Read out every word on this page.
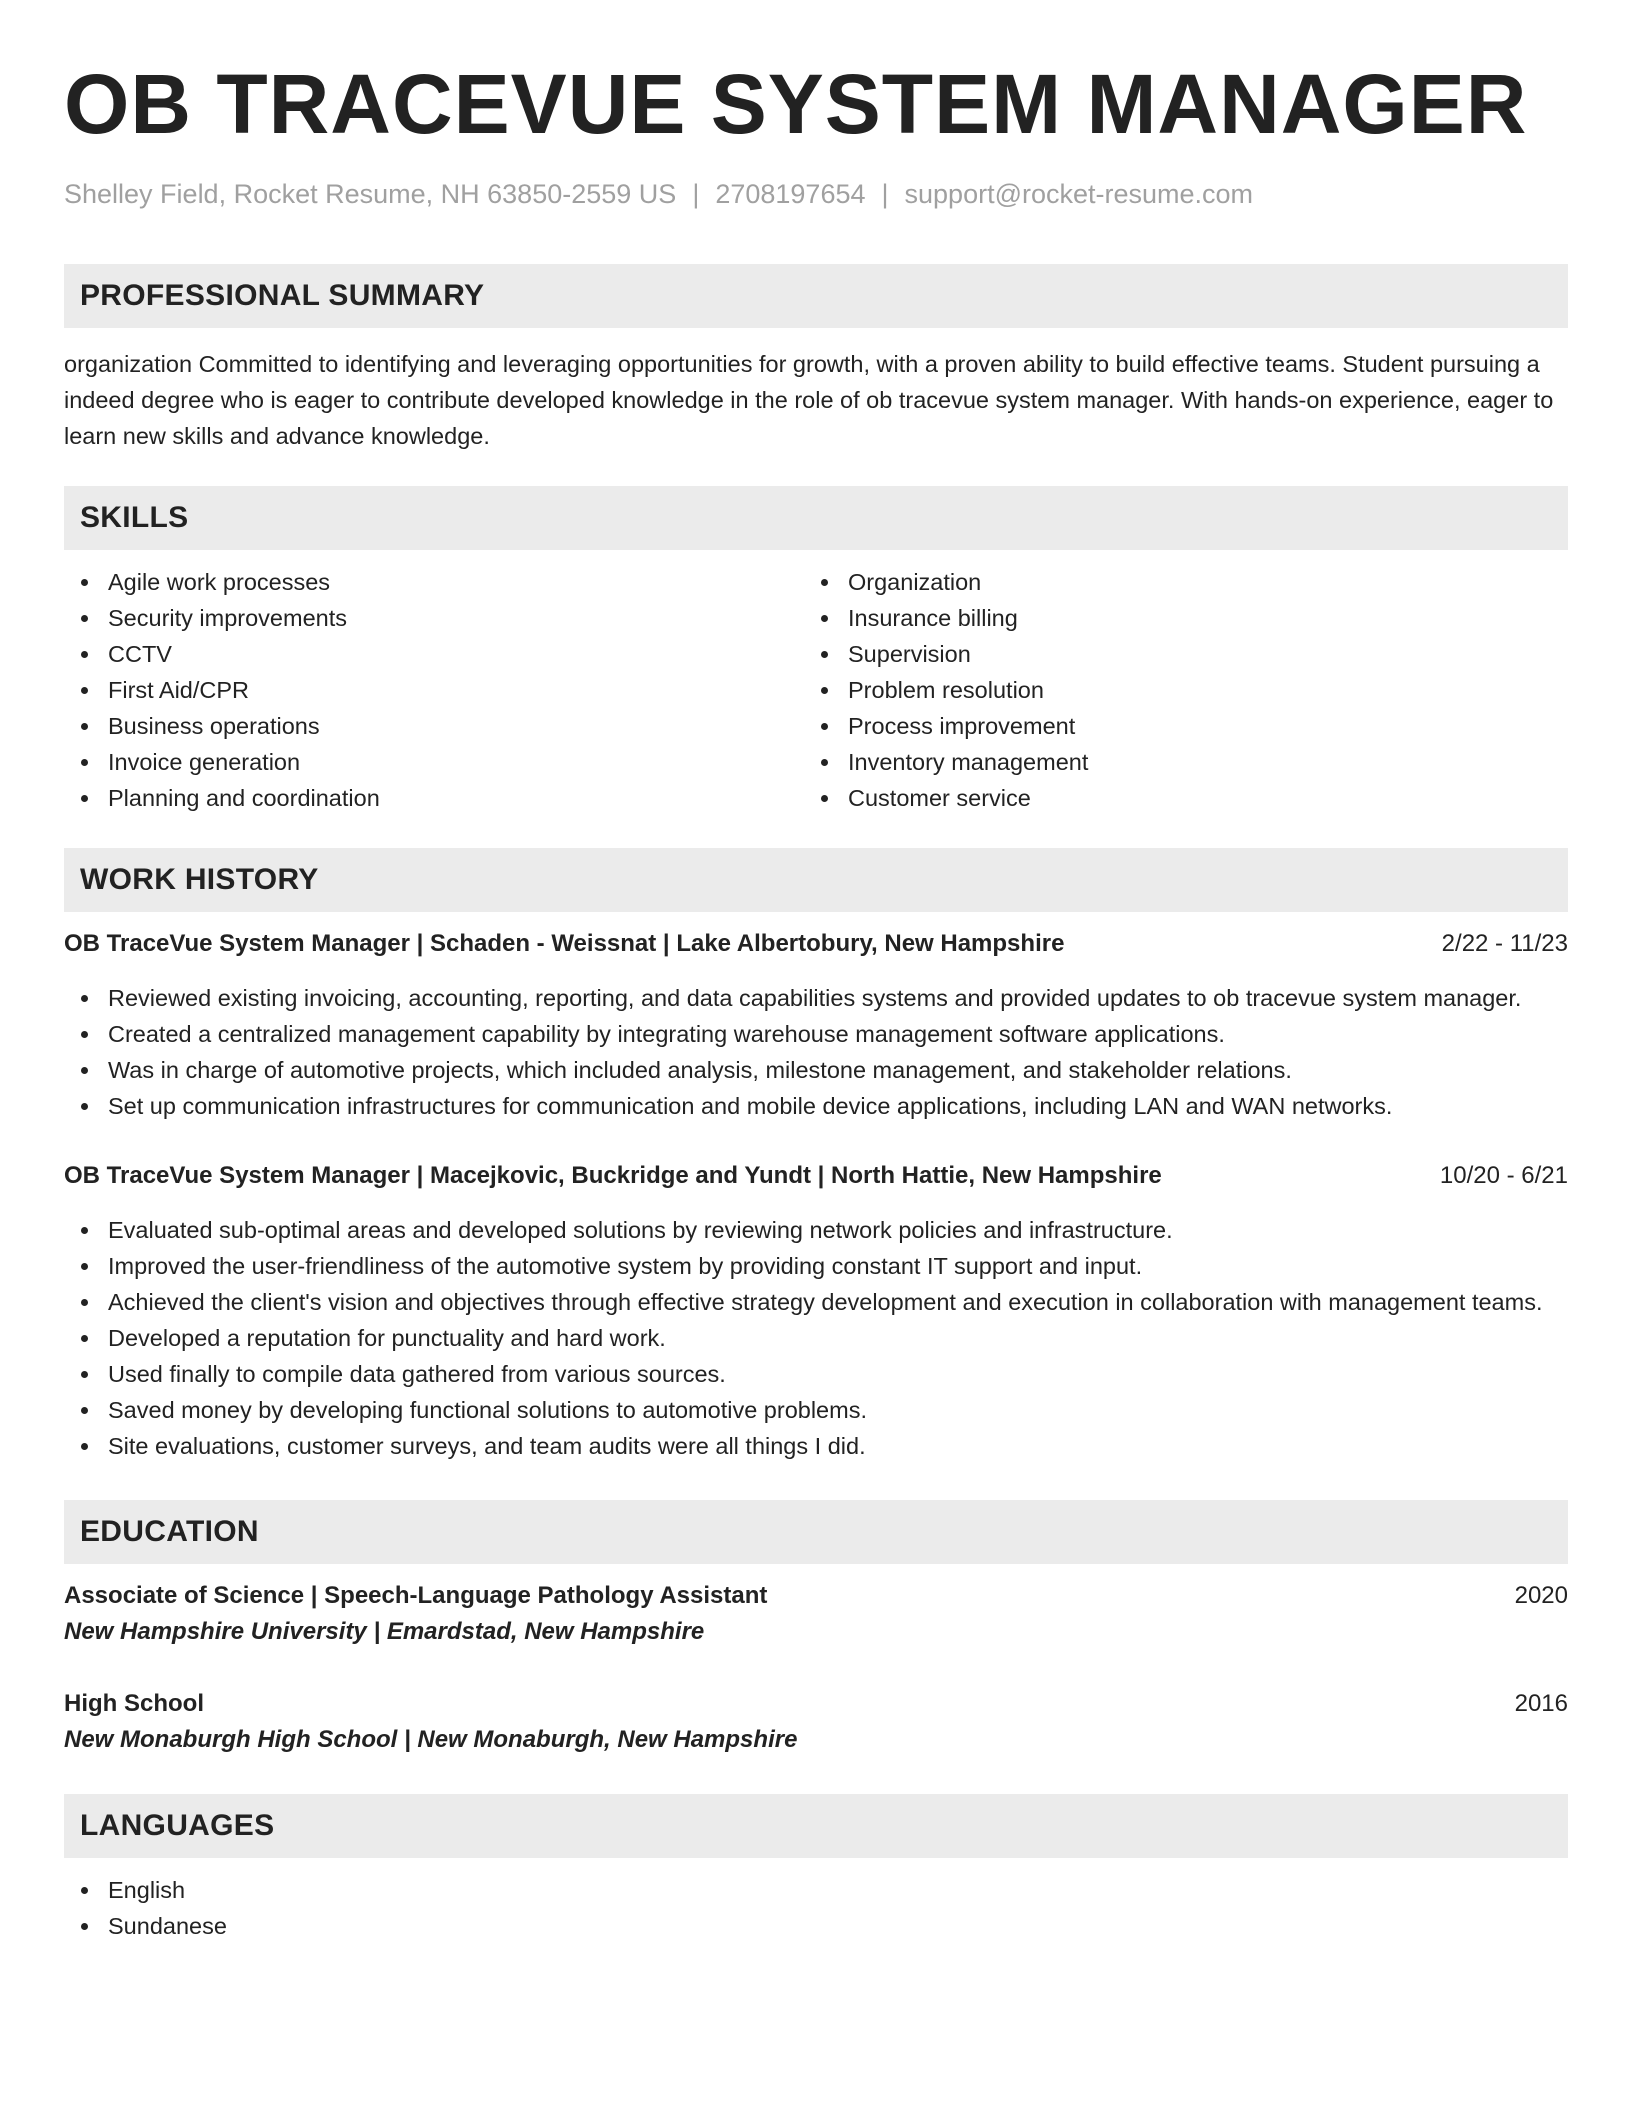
OB TRACEVUE SYSTEM MANAGER
Shelley Field, Rocket Resume, NH 63850-2559 US | 2708197654 | support@rocket-resume.com
PROFESSIONAL SUMMARY

organization Committed to identifying and leveraging opportunities for growth, with a proven ability to build effective teams. Student pursuing a indeed degree who is eager to contribute developed knowledge in the role of ob tracevue system manager. With hands-on experience, eager to learn new skills and advance knowledge.

SKILLS
Agile work processes
Security improvements
CCTV
First Aid/CPR
Business operations
Invoice generation
Planning and coordination
Organization
Insurance billing
Supervision
Problem resolution
Process improvement
Inventory management
Customer service
WORK HISTORY
OB TraceVue System Manager | Schaden - Weissnat | Lake Albertobury, New Hampshire	2/22 - 11/23
Reviewed existing invoicing, accounting, reporting, and data capabilities systems and provided updates to ob tracevue system manager.
Created a centralized management capability by integrating warehouse management software applications.
Was in charge of automotive projects, which included analysis, milestone management, and stakeholder relations.
Set up communication infrastructures for communication and mobile device applications, including LAN and WAN networks.
OB TraceVue System Manager | Macejkovic, Buckridge and Yundt | North Hattie, New Hampshire	10/20 - 6/21
Evaluated sub-optimal areas and developed solutions by reviewing network policies and infrastructure.
Improved the user-friendliness of the automotive system by providing constant IT support and input.
Achieved the client's vision and objectives through effective strategy development and execution in collaboration with management teams.
Developed a reputation for punctuality and hard work.
Used finally to compile data gathered from various sources.
Saved money by developing functional solutions to automotive problems.
Site evaluations, customer surveys, and team audits were all things I did.
EDUCATION
Associate of Science | Speech-Language Pathology Assistant	2020
New Hampshire University | Emardstad, New Hampshire
High School	2016
New Monaburgh High School | New Monaburgh, New Hampshire
LANGUAGES
English
Sundanese
